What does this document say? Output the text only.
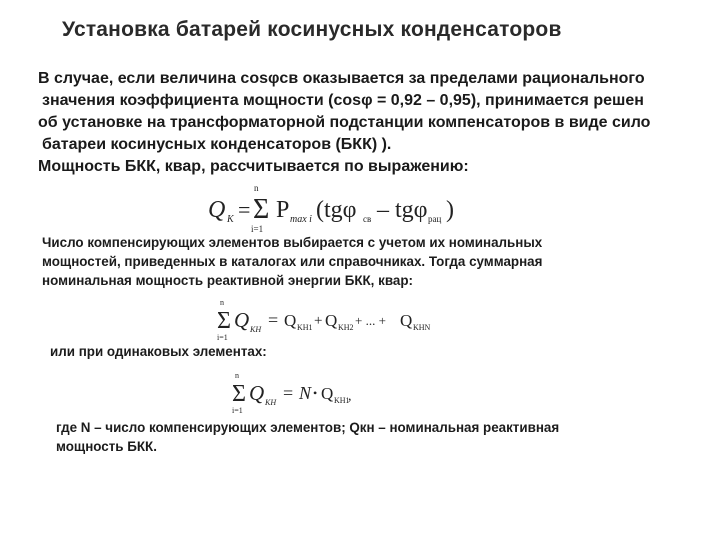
Установка батарей косинусных конденсаторов
В случае, если величина cosφсв оказывается за пределами рационального
значения коэффициента мощности (cosφ = 0,92 – 0,95), принимается решен
об установке на трансформаторной подстанции компенсаторов в виде сило
батареи косинусных конденсаторов (БКК) ).
Мощность БКК, квар, рассчитывается по выражению:
Q K =
n
Σ
i=1
P max i (tgφ св – tgφ рац )
Число компенсирующих элементов выбирается с учетом их номинальных
мощностей, приведенных в каталогах или справочниках. Тогда суммарная
номинальная мощность реактивной энергии БКК, квар:
n
Σ
i=1
Q KH = Q KH1 + Q KH2 + ... + Q KHN
или при одинаковых элементах:
n
Σ
i=1
Q KH = N • Q KH1
,
где N – число компенсирующих элементов; Qкн – номинальная реактивная
мощность БКК.
